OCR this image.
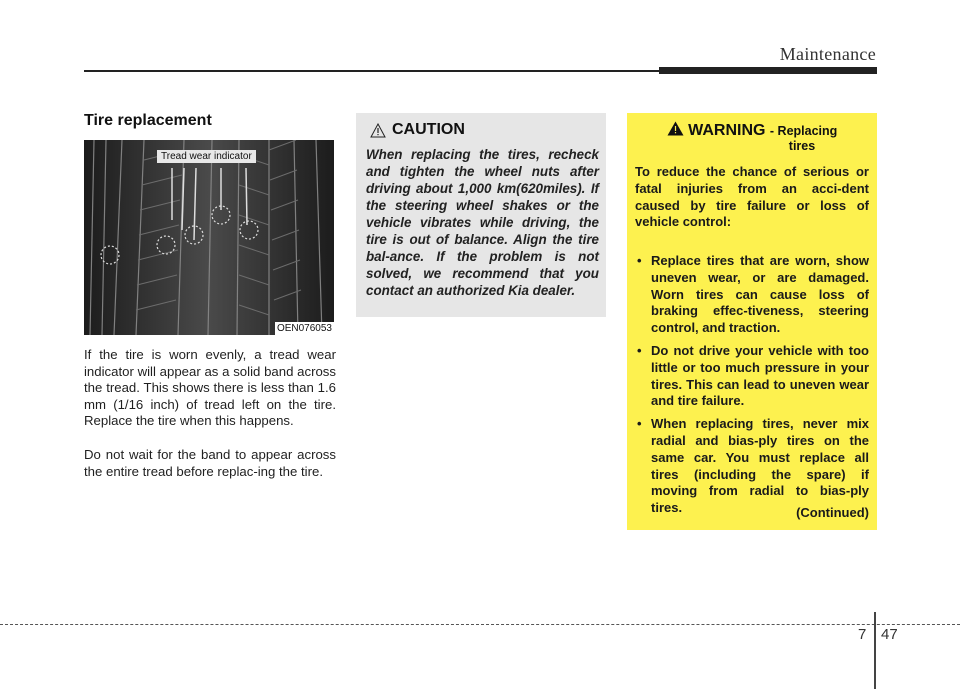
Maintenance
Tire replacement
Tread wear indicator
OEN076053
If the tire is worn evenly, a tread wear indicator will appear as a solid band across the tread. This shows there is less than 1.6 mm (1/16 inch) of tread left on the tire. Replace the tire when this happens.
Do not wait for the band to appear across the entire tread before replac-ing the tire.
CAUTION
When replacing the tires, recheck and tighten the wheel nuts after driving about 1,000 km(620miles). If the steering wheel shakes or the vehicle vibrates while driving, the tire is out of balance. Align the tire bal-ance. If the problem is not solved, we recommend that you contact an authorized Kia dealer.
WARNING - Replacing
tires
To reduce the chance of serious or fatal injuries from an acci-dent caused by tire failure or loss of vehicle control:
• Replace tires that are worn, show uneven wear, or are damaged. Worn tires can cause loss of braking effec-tiveness, steering control, and traction.
• Do not drive your vehicle with too little or too much pressure in your tires. This can lead to uneven wear and tire failure.
• When replacing tires, never mix radial and bias-ply tires on the same car. You must replace all tires (including the spare) if moving from radial to bias-ply tires.	(Continued)
7 47
